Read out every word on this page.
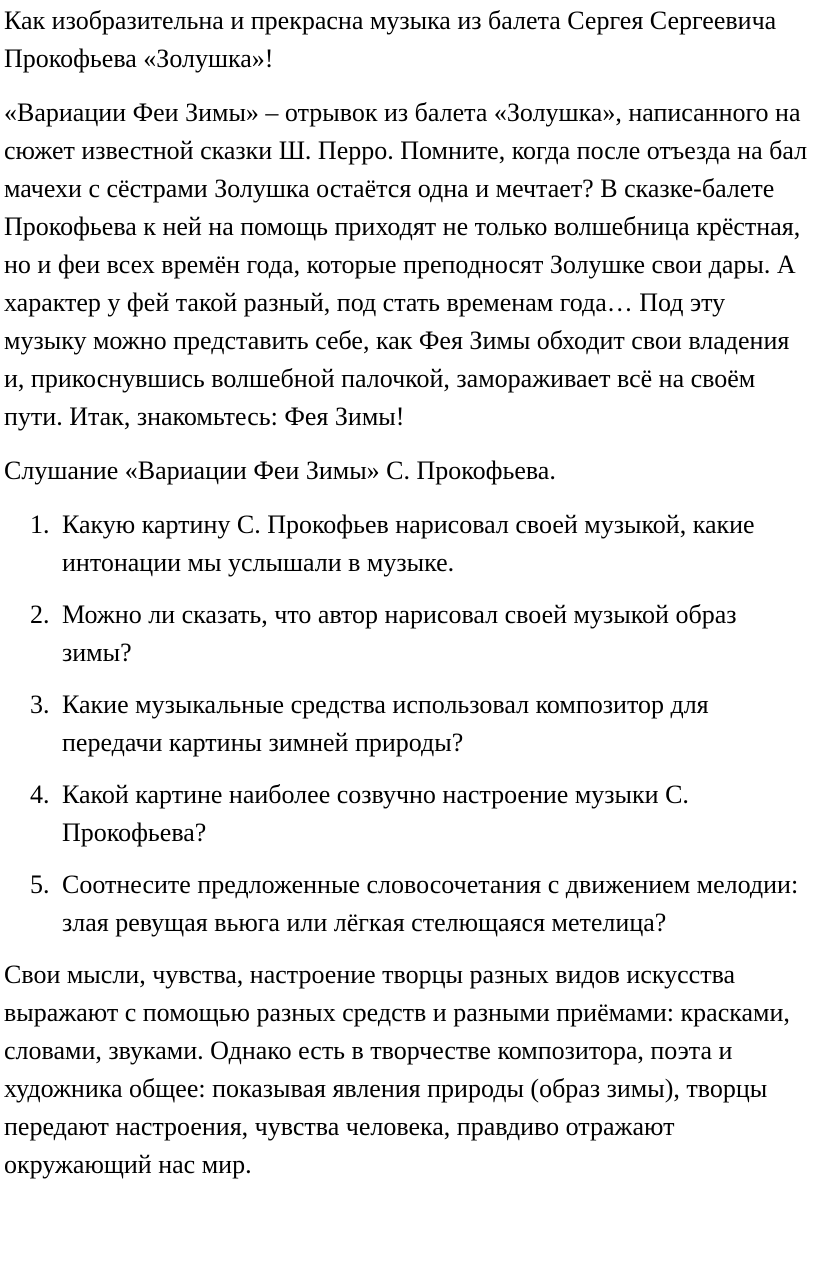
Как изобразительна и прекрасна музыка из балета Сергея Сергеевича Прокофьева «Золушка»!

«Вариации Феи Зимы» – отрывок из балета «Золушка», написанного на сюжет известной сказки Ш. Перро. Помните, когда после отъезда на бал мачехи с сёстрами Золушка остаётся одна и мечтает? В сказке-балете Прокофьева к ней на помощь приходят не только волшебница крёстная, но и феи всех времён года, которые преподносят Золушке свои дары. А характер у фей такой разный, под стать временам года… Под эту музыку можно представить себе, как Фея Зимы обходит свои владения и, прикоснувшись волшебной палочкой, замораживает всё на своём пути. Итак, знакомьтесь: Фея Зимы!

Слушание «Вариации Феи Зимы» С. Прокофьева.

1. Какую картину С. Прокофьев нарисовал своей музыкой, какие интонации мы услышали в музыке.
2. Можно ли сказать, что автор нарисовал своей музыкой образ зимы?
3. Какие музыкальные средства использовал композитор для передачи картины зимней природы?
4. Какой картине наиболее созвучно настроение музыки С. Прокофьева?
5. Соотнесите предложенные словосочетания с движением мелодии: злая ревущая вьюга или лёгкая стелющаяся метелица?

Свои мысли, чувства, настроение творцы разных видов искусства выражают с помощью разных средств и разными приёмами: красками, словами, звуками. Однако есть в творчестве композитора, поэта и художника общее: показывая явления природы (образ зимы), творцы передают настроения, чувства человека, правдиво отражают окружающий нас мир.
